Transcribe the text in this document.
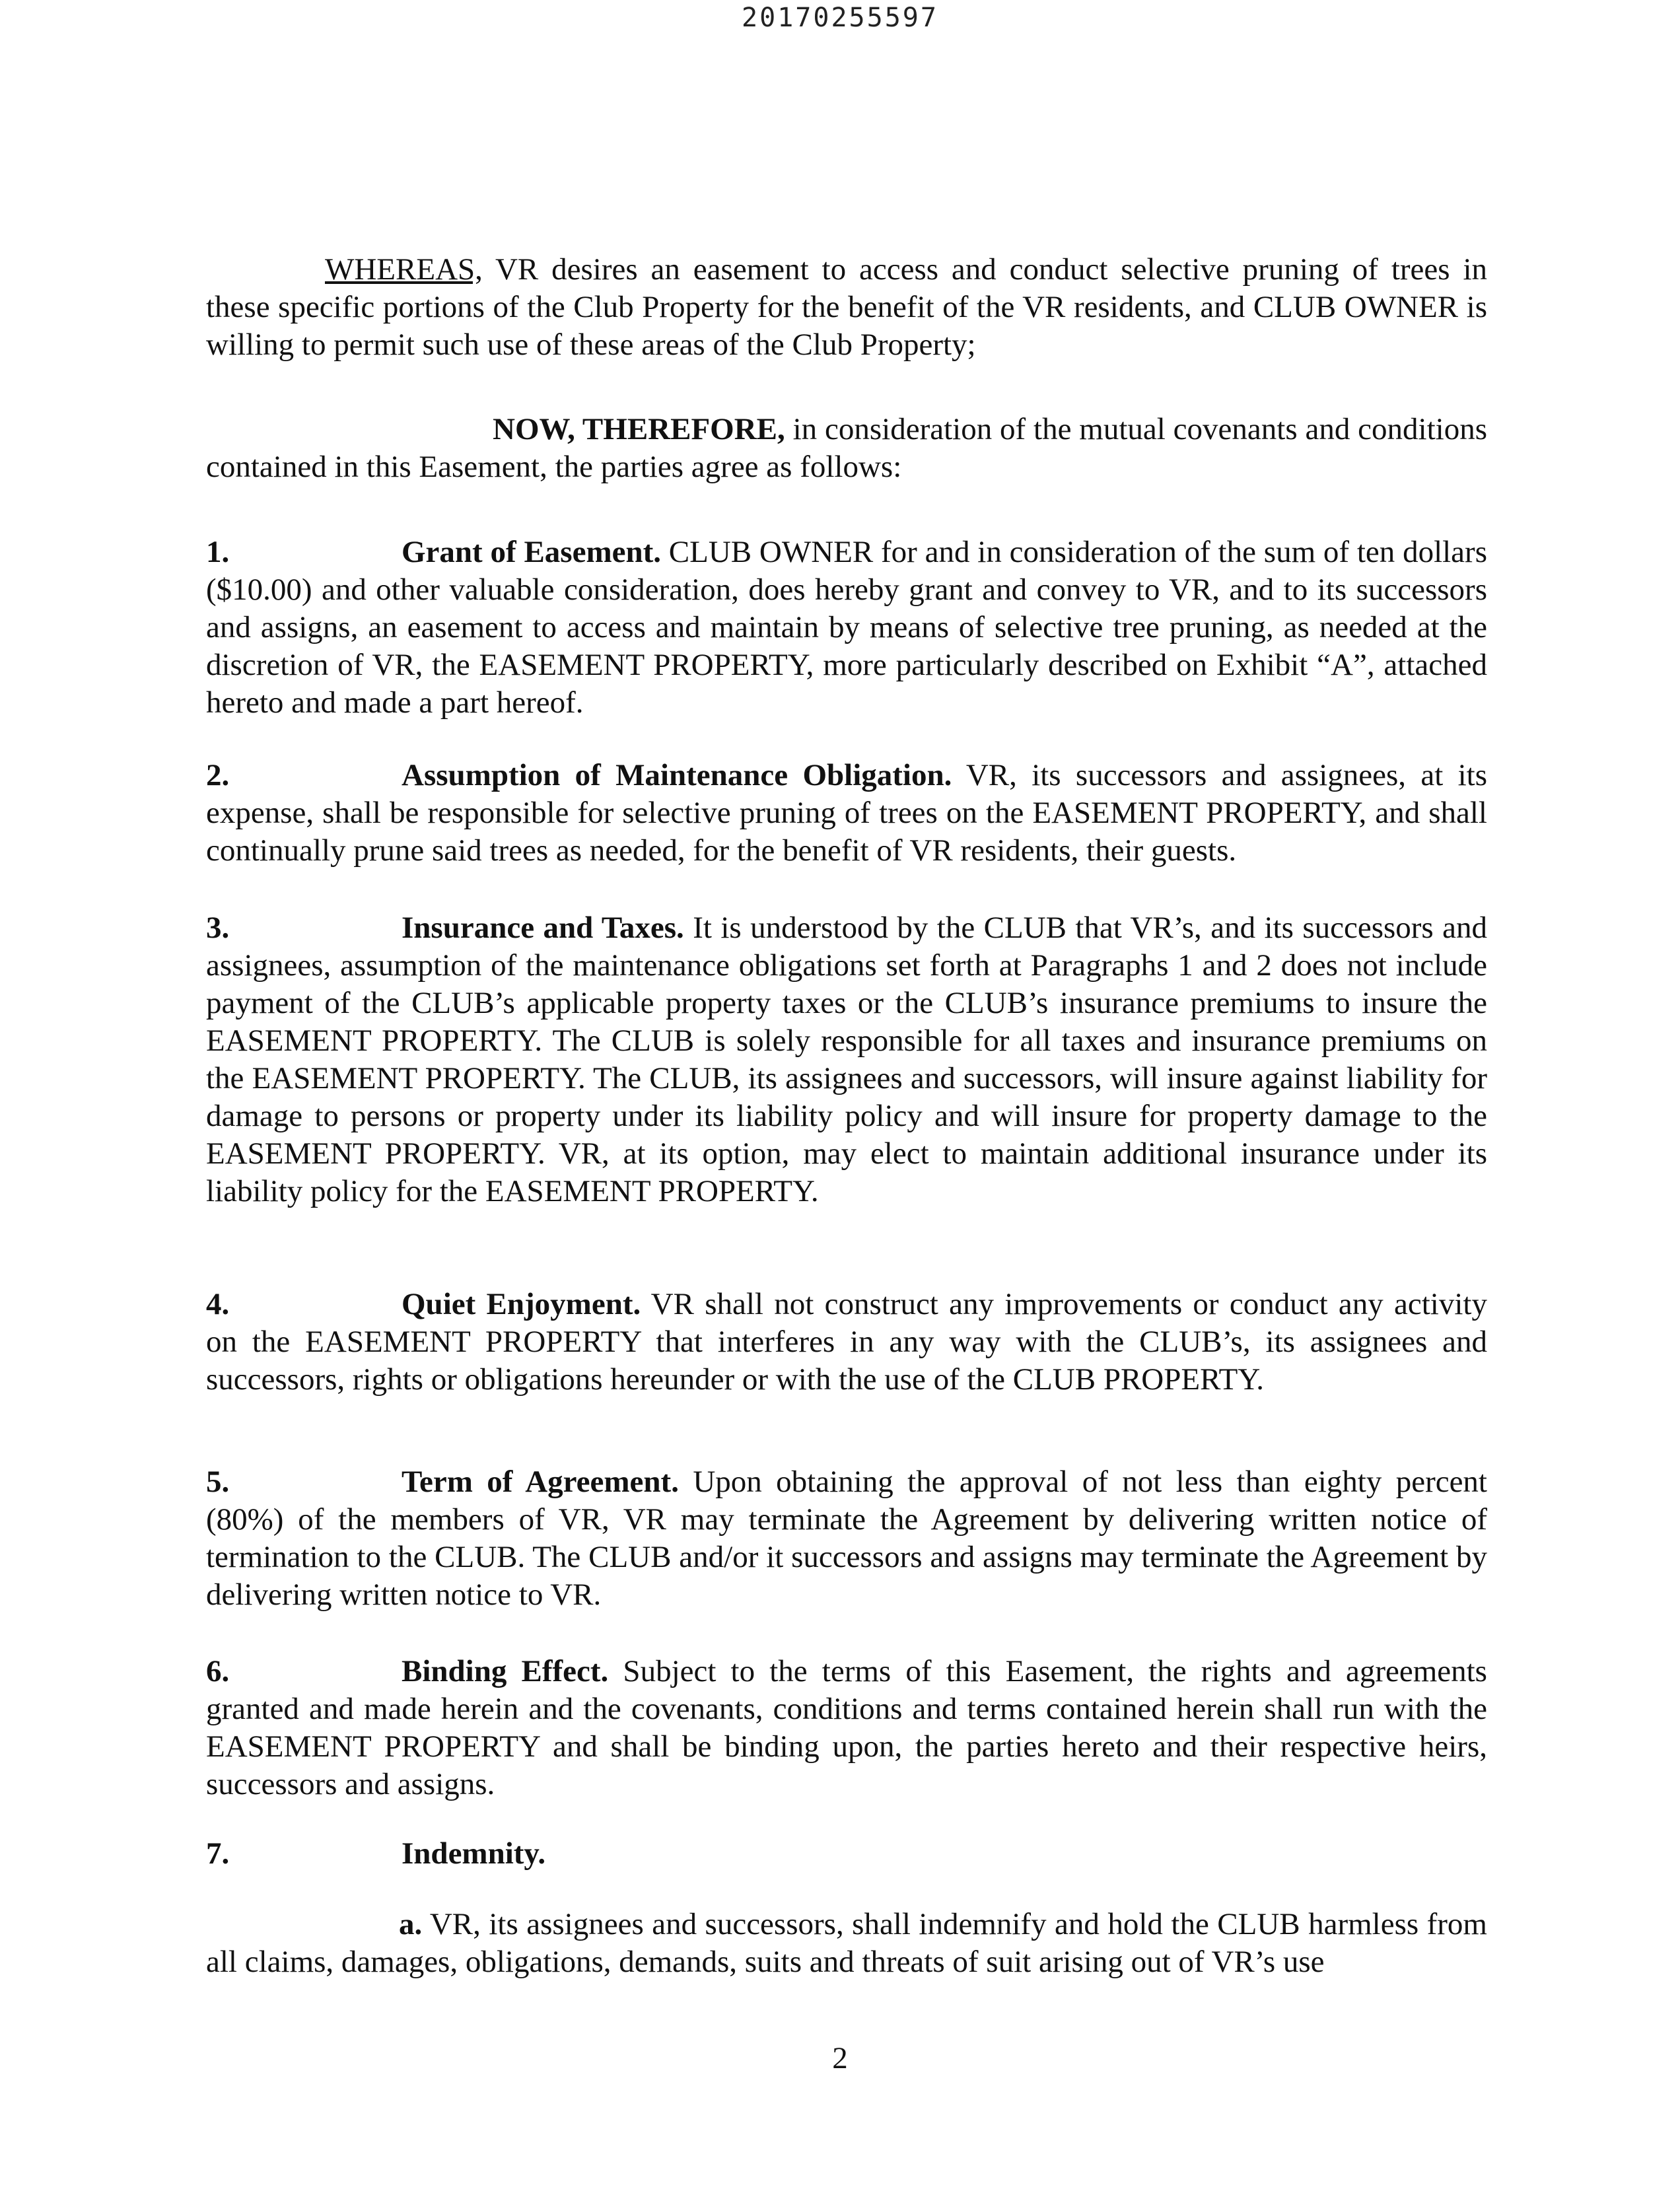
20170255597

WHEREAS, VR desires an easement to access and conduct selective pruning of trees in these specific portions of the Club Property for the benefit of the VR residents, and CLUB OWNER is willing to permit such use of these areas of the Club Property;

NOW, THEREFORE, in consideration of the mutual covenants and conditions contained in this Easement, the parties agree as follows:

1.	Grant of Easement. CLUB OWNER for and in consideration of the sum of ten dollars ($10.00) and other valuable consideration, does hereby grant and convey to VR, and to its successors and assigns, an easement to access and maintain by means of selective tree pruning, as needed at the discretion of VR, the EASEMENT PROPERTY, more particularly described on Exhibit “A”, attached hereto and made a part hereof.

2.	Assumption of Maintenance Obligation. VR, its successors and assignees, at its expense, shall be responsible for selective pruning of trees on the EASEMENT PROPERTY, and shall continually prune said trees as needed, for the benefit of VR residents, their guests.

3.	Insurance and Taxes. It is understood by the CLUB that VR’s, and its successors and assignees, assumption of the maintenance obligations set forth at Paragraphs 1 and 2 does not include payment of the CLUB’s applicable property taxes or the CLUB’s insurance premiums to insure the EASEMENT PROPERTY. The CLUB is solely responsible for all taxes and insurance premiums on the EASEMENT PROPERTY. The CLUB, its assignees and successors, will insure against liability for damage to persons or property under its liability policy and will insure for property damage to the EASEMENT PROPERTY. VR, at its option, may elect to maintain additional insurance under its liability policy for the EASEMENT PROPERTY.

4.	Quiet Enjoyment. VR shall not construct any improvements or conduct any activity on the EASEMENT PROPERTY that interferes in any way with the CLUB’s, its assignees and successors, rights or obligations hereunder or with the use of the CLUB PROPERTY.

5.	Term of Agreement. Upon obtaining the approval of not less than eighty percent (80%) of the members of VR, VR may terminate the Agreement by delivering written notice of termination to the CLUB. The CLUB and/or it successors and assigns may terminate the Agreement by delivering written notice to VR.

6.	Binding Effect. Subject to the terms of this Easement, the rights and agreements granted and made herein and the covenants, conditions and terms contained herein shall run with the EASEMENT PROPERTY and shall be binding upon, the parties hereto and their respective heirs, successors and assigns.

7.	Indemnity.

a. VR, its assignees and successors, shall indemnify and hold the CLUB harmless from all claims, damages, obligations, demands, suits and threats of suit arising out of VR’s use

2
